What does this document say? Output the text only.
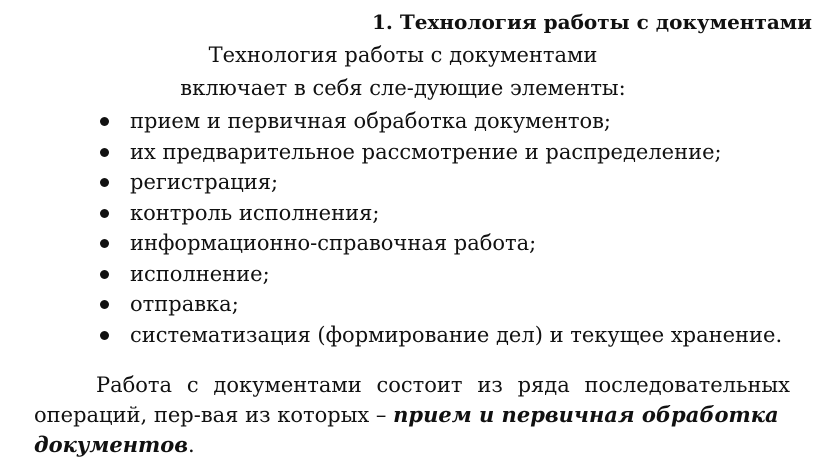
1. Технология работы с документами
Технология работы с документами
включает в себя сле-дующие элементы:
прием и первичная обработка документов;
их предварительное рассмотрение и распределение;
регистрация;
контроль исполнения;
информационно-справочная работа;
исполнение;
отправка;
систематизация (формирование дел) и текущее хранение.
Работа с документами состоит из ряда последовательных
операций, пер-вая из которых – прием и первичная обработка
документов.
